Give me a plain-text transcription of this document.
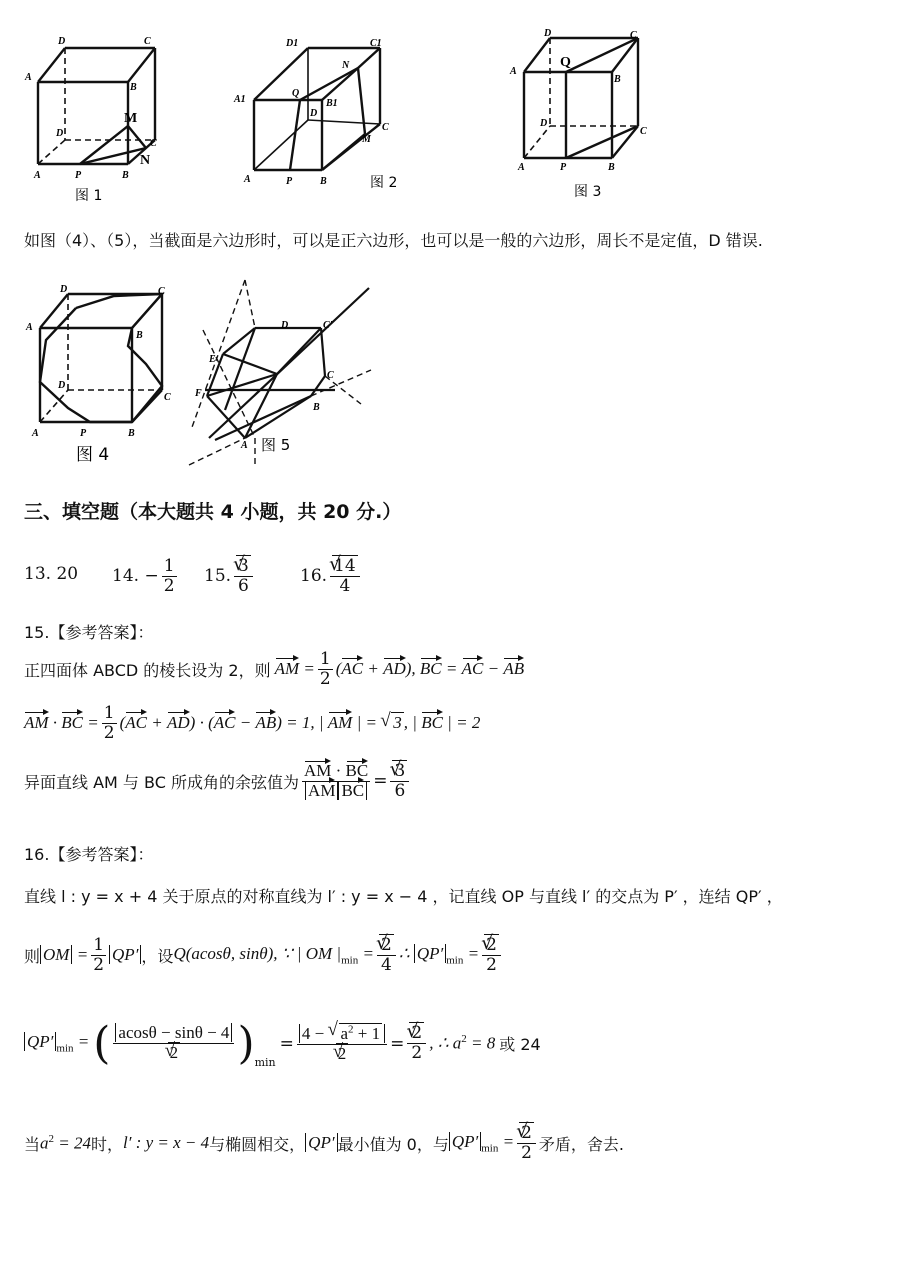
D	C
A
B
M
D
C
N
A	P	B
图 1
D1	C1
N
A1
Q
B1
D
M
C
A	P	B	图 2
D	C
Q
A
B
D
C
A	P	B
图 3
D	C
A
B
D
C
A	P	B
图 4
D	C'
E
F
C
B
A 图 5
如图（4）、（5），当截面是六边形时，可以是正六边形，也可以是一般的六边形，周长不是定值，D 错误.
三、填空题（本大题共 4 小题，共 20 分.）
13. 20 14. − $\frac{1}{2} 15$. √ $\frac{3}{6}$	16. √ $\frac{14}{4}$
15.【参考答案】：
正四面体 ABCD 的棱长设为 2，则 AM = $\frac{1}{2} (AC + AD)$, BC = AC − AB
AM · BC = $\frac{1}{2} (AC + AD) \cdot (AC - AB) = 1$, | AM | = √ 3 , | BC | = 2
异面直线 AM 与 BC 所成角的余弦值为 $\frac{AM \cdot BC}{\text{AM BC}}$ = √ $\frac{3}{6}$
16.【参考答案】：
直线 l : y = x + 4 关于原点的对称直线为 l′ : y = x − 4 ，记直线 OP 与直线 l′ 的交点为 P′ ，连结 QP′ ，
则 OM = $\frac{1}{2} QP'$ ，设 Q(acosθ, sinθ), ∵ | OM $|_{min}$ = √ $\frac{2}{4}$ ∴ QP′ $_{min}$ = √ $\frac{2}{2}$
QP′ $_{min}$ = ( acosθ − sinθ − 4
√ 2 )$_{min}$
= 4 − √ $a^2 + 1$
√ 2 = √ $\frac{2}{2}$ , ∴ $a^2 = 8$ 或 24
当 $a^2 = 24$ 时， l′ : y = x − 4 与椭圆相交， QP′ 最小值为 0，与 QP′ $_{min}$ = √ $\frac{2}{2}$ 矛盾，舍去.
